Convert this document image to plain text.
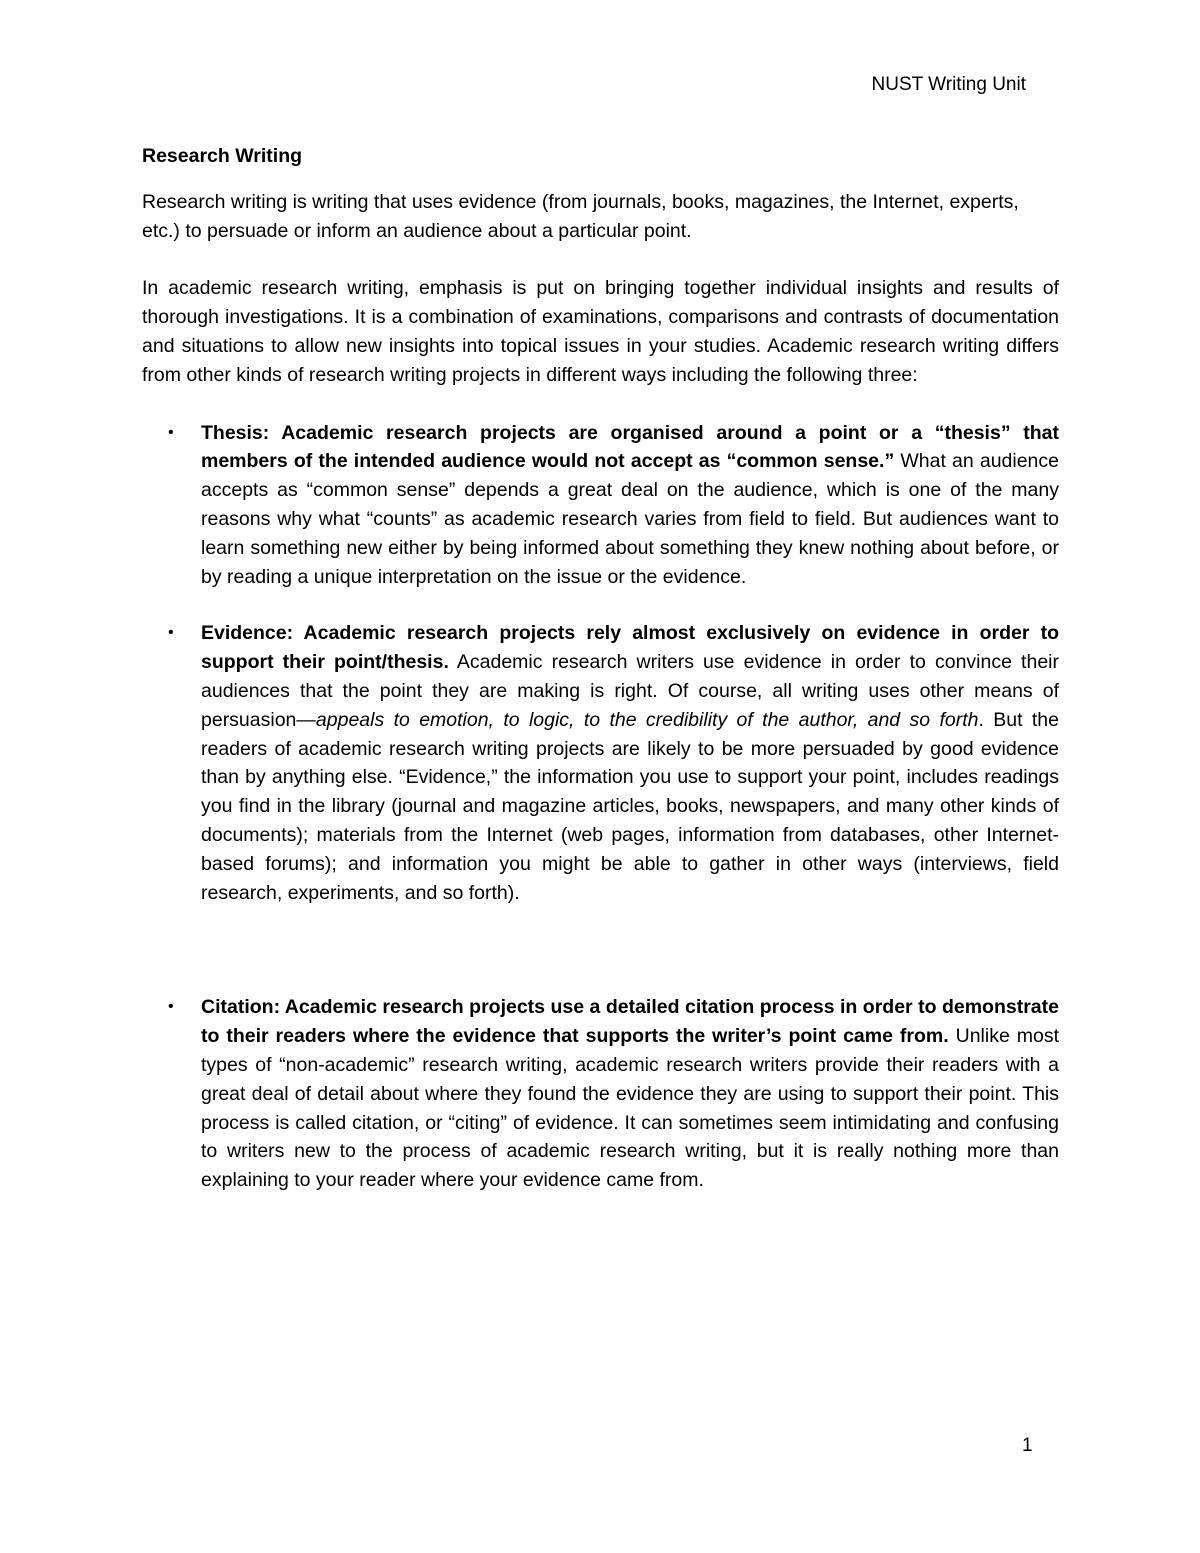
NUST Writing Unit
Research Writing
Research writing is writing that uses evidence (from journals, books, magazines, the Internet, experts, etc.) to persuade or inform an audience about a particular point.
In academic research writing, emphasis is put on bringing together individual insights and results of thorough investigations. It is a combination of examinations, comparisons and contrasts of documentation and situations to allow new insights into topical issues in your studies. Academic research writing differs from other kinds of research writing projects in different ways including the following three:
• Thesis: Academic research projects are organised around a point or a “thesis” that members of the intended audience would not accept as “common sense.” What an audience accepts as “common sense” depends a great deal on the audience, which is one of the many reasons why what “counts” as academic research varies from field to field. But audiences want to learn something new either by being informed about something they knew nothing about before, or by reading a unique interpretation on the issue or the evidence.
• Evidence: Academic research projects rely almost exclusively on evidence in order to support their point/thesis. Academic research writers use evidence in order to convince their audiences that the point they are making is right. Of course, all writing uses other means of persuasion—appeals to emotion, to logic, to the credibility of the author, and so forth. But the readers of academic research writing projects are likely to be more persuaded by good evidence than by anything else. “Evidence,” the information you use to support your point, includes readings you find in the library (journal and magazine articles, books, newspapers, and many other kinds of documents); materials from the Internet (web pages, information from databases, other Internet-based forums); and information you might be able to gather in other ways (interviews, field research, experiments, and so forth).
• Citation: Academic research projects use a detailed citation process in order to demonstrate to their readers where the evidence that supports the writer’s point came from. Unlike most types of “non-academic” research writing, academic research writers provide their readers with a great deal of detail about where they found the evidence they are using to support their point. This process is called citation, or “citing” of evidence. It can sometimes seem intimidating and confusing to writers new to the process of academic research writing, but it is really nothing more than explaining to your reader where your evidence came from.
1
